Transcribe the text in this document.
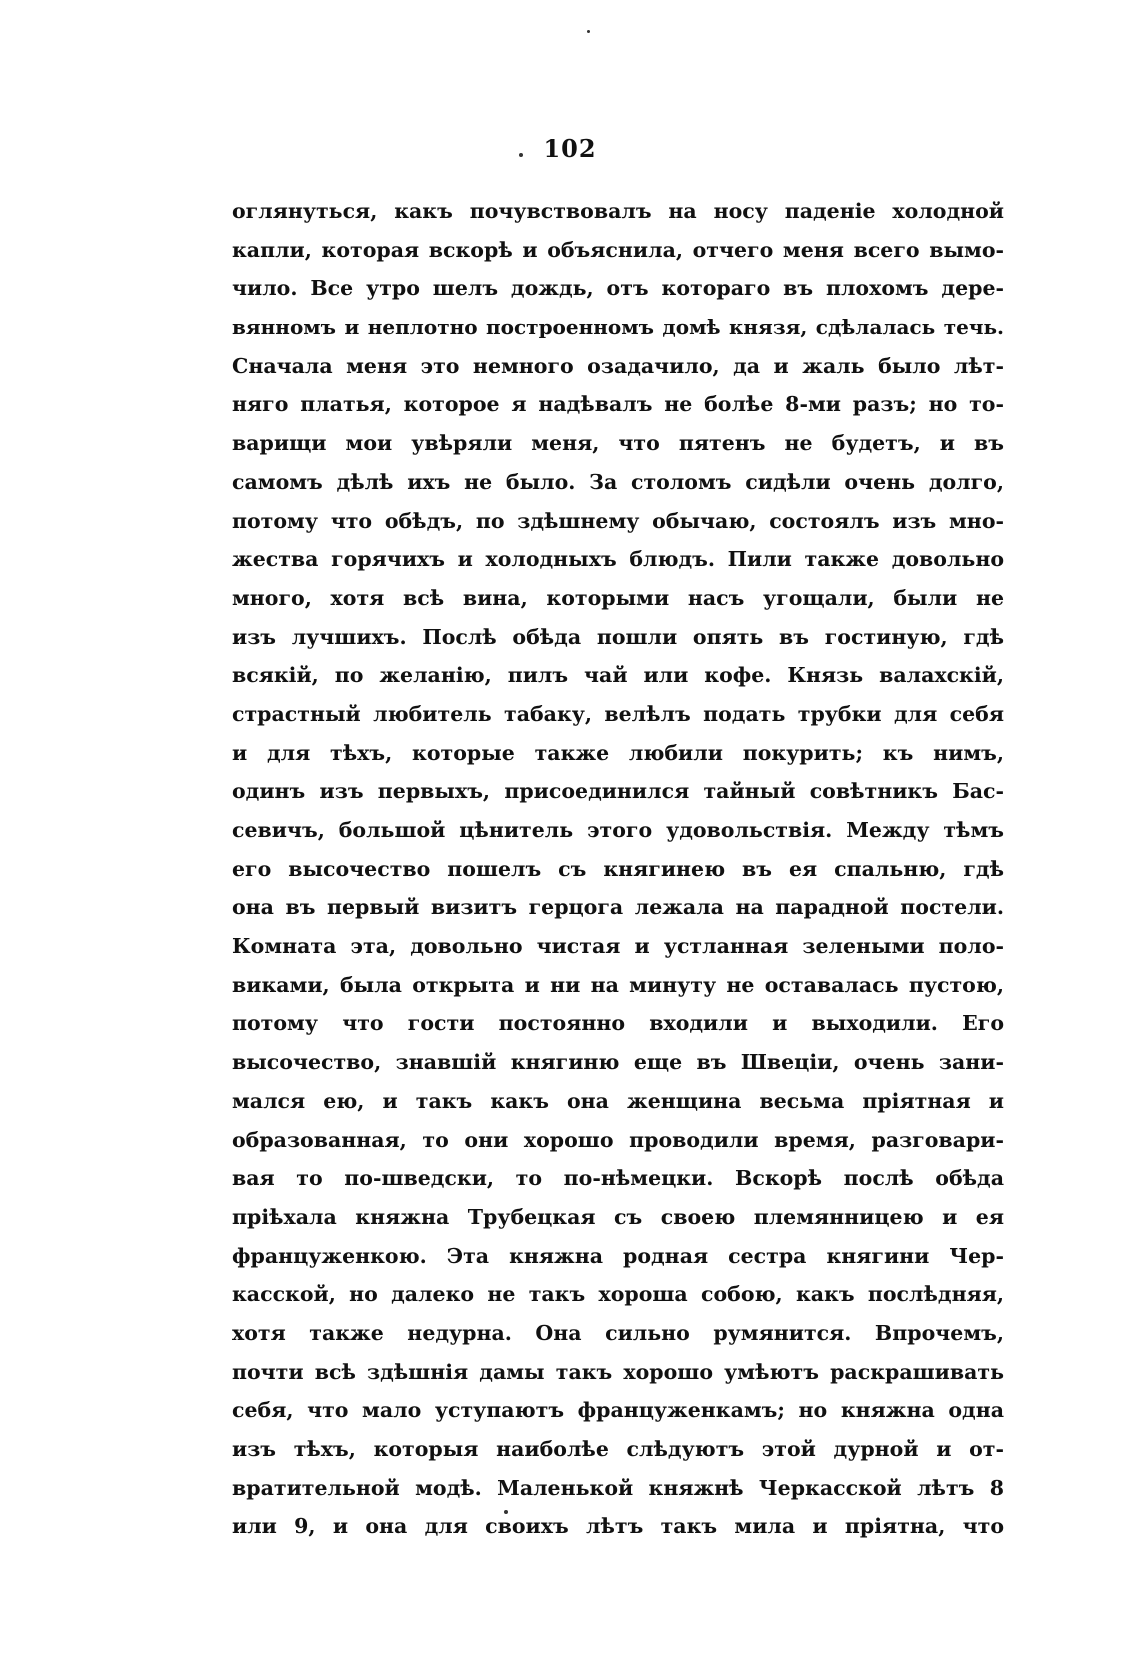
102
оглянуться, какъ почувствовалъ на носу паденіе холодной
капли, которая вскорѣ и объяснила, отчего меня всего вымо-
чило. Все утро шелъ дождь, отъ котораго въ плохомъ дере-
вянномъ и неплотно построенномъ домѣ князя, сдѣлалась течь.
Сначала меня это немного озадачило, да и жаль было лѣт-
няго платья, которое я надѣвалъ не болѣе 8-ми разъ; но то-
варищи мои увѣряли меня, что пятенъ не будетъ, и въ
самомъ дѣлѣ ихъ не было. За столомъ сидѣли очень долго,
потому что обѣдъ, по здѣшнему обычаю, состоялъ изъ мно-
жества горячихъ и холодныхъ блюдъ. Пили также довольно
много, хотя всѣ вина, которыми насъ угощали, были не
изъ лучшихъ. Послѣ обѣда пошли опять въ гостиную, гдѣ
всякій, по желанію, пилъ чай или кофе. Князь валахскій,
страстный любитель табаку, велѣлъ подать трубки для себя
и для тѣхъ, которые также любили покурить; къ нимъ,
одинъ изъ первыхъ, присоединился тайный совѣтникъ Бас-
севичъ, большой цѣнитель этого удовольствія. Между тѣмъ
его высочество пошелъ съ княгинею въ ея спальню, гдѣ
она въ первый визитъ герцога лежала на парадной постели.
Комната эта, довольно чистая и устланная зелеными поло-
виками, была открыта и ни на минуту не оставалась пустою,
потому что гости постоянно входили и выходили. Его
высочество, знавшій княгиню еще въ Швеціи, очень зани-
мался ею, и такъ какъ она женщина весьма пріятная и
образованная, то они хорошо проводили время, разговари-
вая то по-шведски, то по-нѣмецки. Вскорѣ послѣ обѣда
пріѣхала княжна Трубецкая съ своею племянницею и ея
француженкою. Эта княжна родная сестра княгини Чер-
касской, но далеко не такъ хороша собою, какъ послѣдняя,
хотя также недурна. Она сильно румянится. Впрочемъ,
почти всѣ здѣшнія дамы такъ хорошо умѣютъ раскрашивать
себя, что мало уступаютъ француженкамъ; но княжна одна
изъ тѣхъ, которыя наиболѣе слѣдуютъ этой дурной и от-
вратительной модѣ. Маленькой княжнѣ Черкасской лѣтъ 8
или 9, и она для своихъ лѣтъ такъ мила и пріятна, что
